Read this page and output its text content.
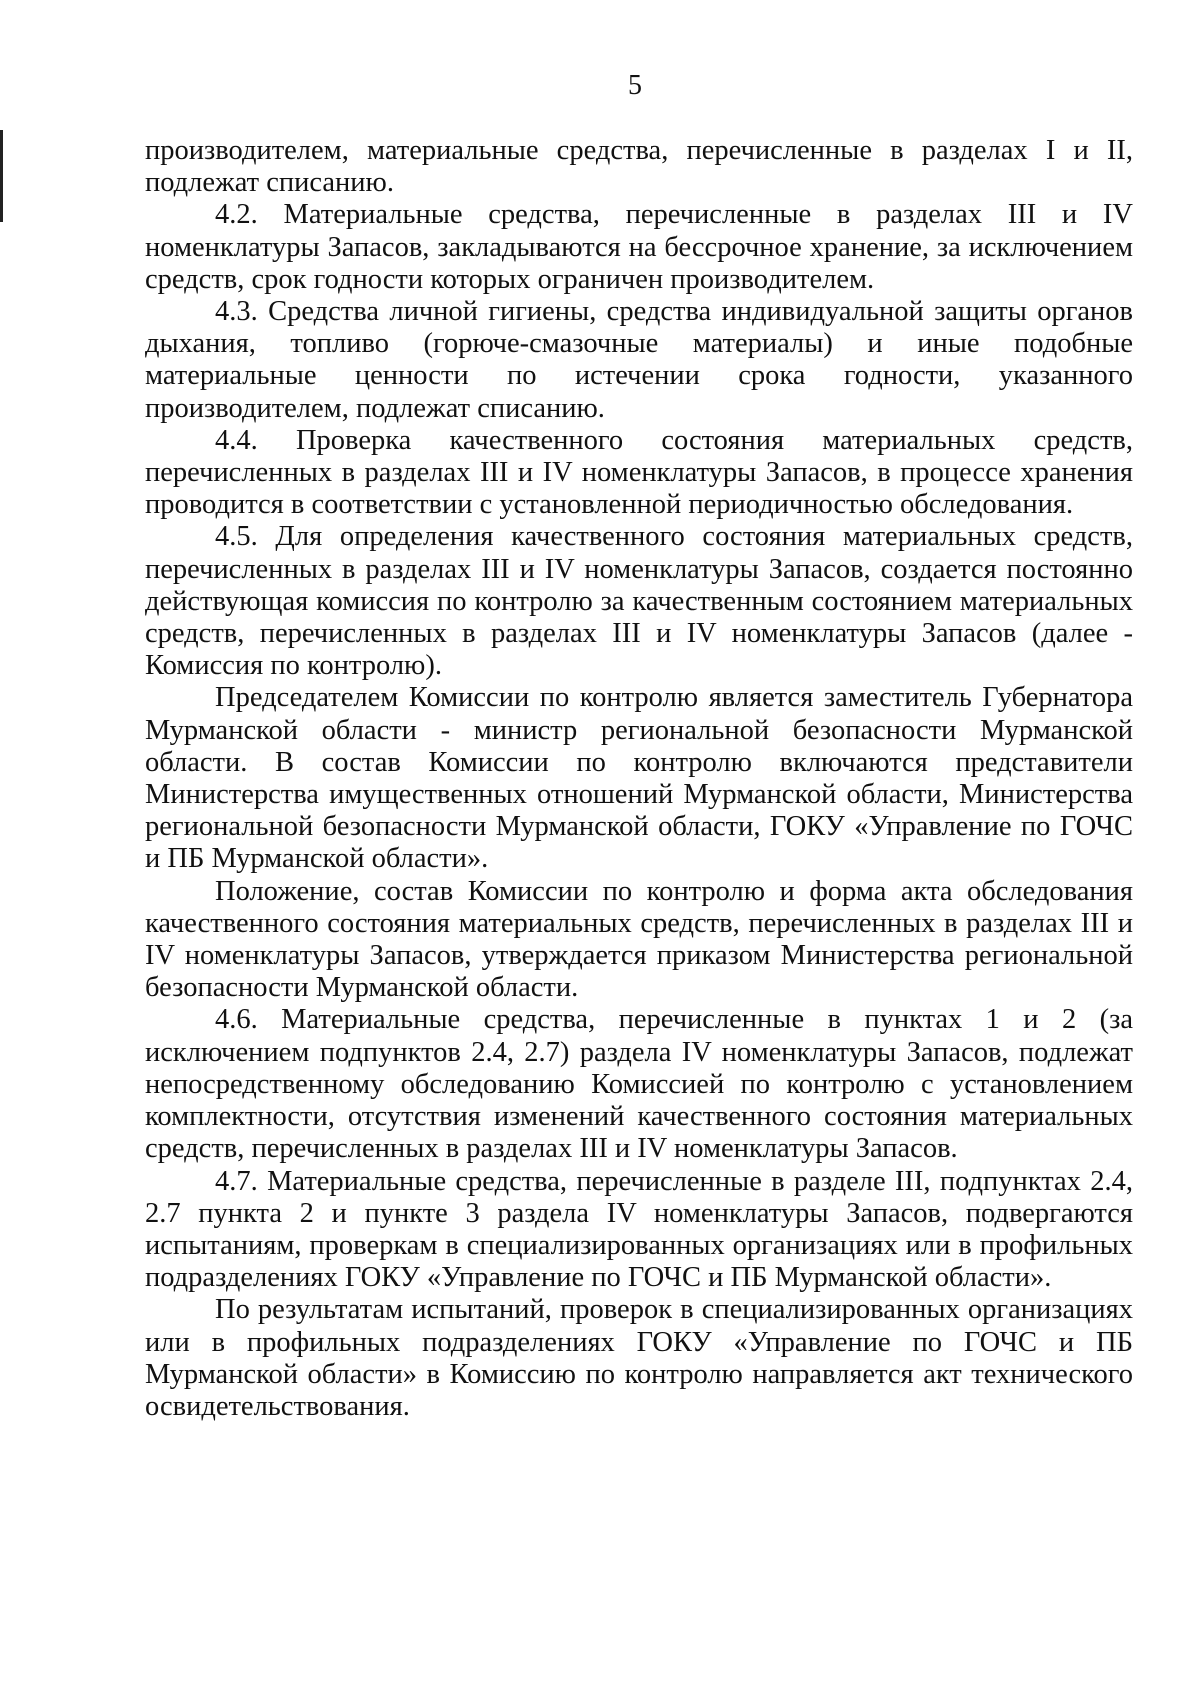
5

производителем, материальные средства, перечисленные в разделах I и II, подлежат списанию.

4.2. Материальные средства, перечисленные в разделах III и IV номенклатуры Запасов, закладываются на бессрочное хранение, за исключением средств, срок годности которых ограничен производителем.

4.3. Средства личной гигиены, средства индивидуальной защиты органов дыхания, топливо (горюче-смазочные материалы) и иные подобные материальные ценности по истечении срока годности, указанного производителем, подлежат списанию.

4.4. Проверка качественного состояния материальных средств, перечисленных в разделах III и IV номенклатуры Запасов, в процессе хранения проводится в соответствии с установленной периодичностью обследования.

4.5. Для определения качественного состояния материальных средств, перечисленных в разделах III и IV номенклатуры Запасов, создается постоянно действующая комиссия по контролю за качественным состоянием материальных средств, перечисленных в разделах III и IV номенклатуры Запасов (далее - Комиссия по контролю).

Председателем Комиссии по контролю является заместитель Губернатора Мурманской области - министр региональной безопасности Мурманской области. В состав Комиссии по контролю включаются представители Министерства имущественных отношений Мурманской области, Министерства региональной безопасности Мурманской области, ГОКУ «Управление по ГОЧС и ПБ Мурманской области».

Положение, состав Комиссии по контролю и форма акта обследования качественного состояния материальных средств, перечисленных в разделах III и IV номенклатуры Запасов, утверждается приказом Министерства региональной безопасности Мурманской области.

4.6. Материальные средства, перечисленные в пунктах 1 и 2 (за исключением подпунктов 2.4, 2.7) раздела IV номенклатуры Запасов, подлежат непосредственному обследованию Комиссией по контролю с установлением комплектности, отсутствия изменений качественного состояния материальных средств, перечисленных в разделах III и IV номенклатуры Запасов.

4.7. Материальные средства, перечисленные в разделе III, подпунктах 2.4, 2.7 пункта 2 и пункте 3 раздела IV номенклатуры Запасов, подвергаются испытаниям, проверкам в специализированных организациях или в профильных подразделениях ГОКУ «Управление по ГОЧС и ПБ Мурманской области».

По результатам испытаний, проверок в специализированных организациях или в профильных подразделениях ГОКУ «Управление по ГОЧС и ПБ Мурманской области» в Комиссию по контролю направляется акт технического освидетельствования.
